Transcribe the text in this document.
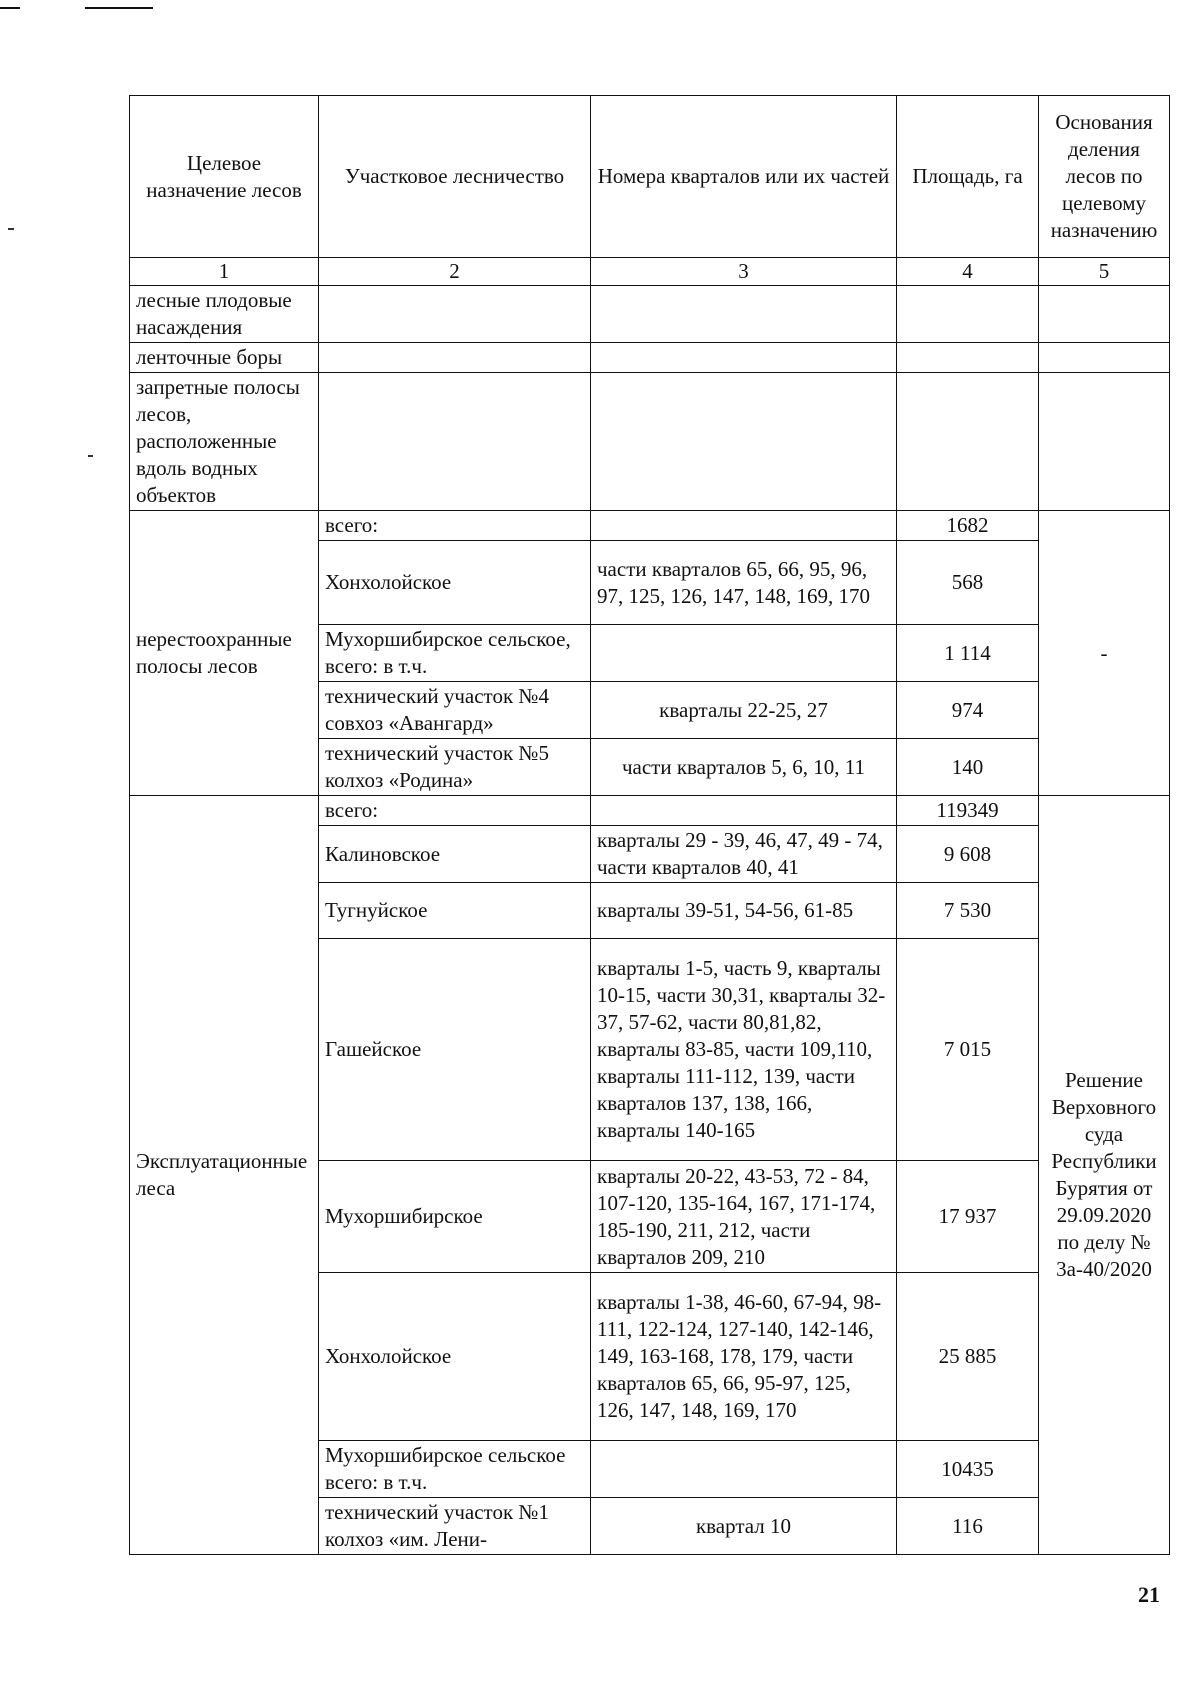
Целевое назначение лесов	Участковое лесничество	Номера кварталов или их частей	Площадь, га	Основания деления лесов по целевому назначению
1	2	3	4	5
лесные плодовые насаждения				
ленточные боры				
запретные полосы лесов, расположенные вдоль водных объектов				
нерестоохранные полосы лесов	всего:		1682	-
	Хонхолойское	части кварталов 65, 66, 95, 96, 97, 125, 126, 147, 148, 169, 170	568	
	Мухоршибирское сельское, всего: в т.ч.		1 114	
	технический участок №4 совхоз «Авангард»	кварталы 22-25, 27	974	
	технический участок №5 колхоз «Родина»	части кварталов 5, 6, 10, 11	140	
Эксплуатационные леса	всего:		119349	Решение Верховного суда Республики Бурятия от 29.09.2020 по делу № 3а-40/2020
	Калиновское	кварталы 29 - 39, 46, 47, 49 - 74, части кварталов 40, 41	9 608	
	Тугнуйское	кварталы 39-51, 54-56, 61-85	7 530	
	Гашейское	кварталы 1-5, часть 9, кварталы 10-15, части 30,31, кварталы 32-37, 57-62, части 80,81,82, кварталы 83-85, части 109,110, кварталы 111-112, 139, части кварталов 137, 138, 166, кварталы 140-165	7 015	
	Мухоршибирское	кварталы 20-22, 43-53, 72 - 84, 107-120, 135-164, 167, 171-174, 185-190, 211, 212, части кварталов 209, 210	17 937	
	Хонхолойское	кварталы 1-38, 46-60, 67-94, 98-111, 122-124, 127-140, 142-146, 149, 163-168, 178, 179, части кварталов 65, 66, 95-97, 125, 126, 147, 148, 169, 170	25 885	
	Мухоршибирское сельское всего: в т.ч.		10435	
	технический участок №1 колхоз «им. Лени-	квартал 10	116	
21
